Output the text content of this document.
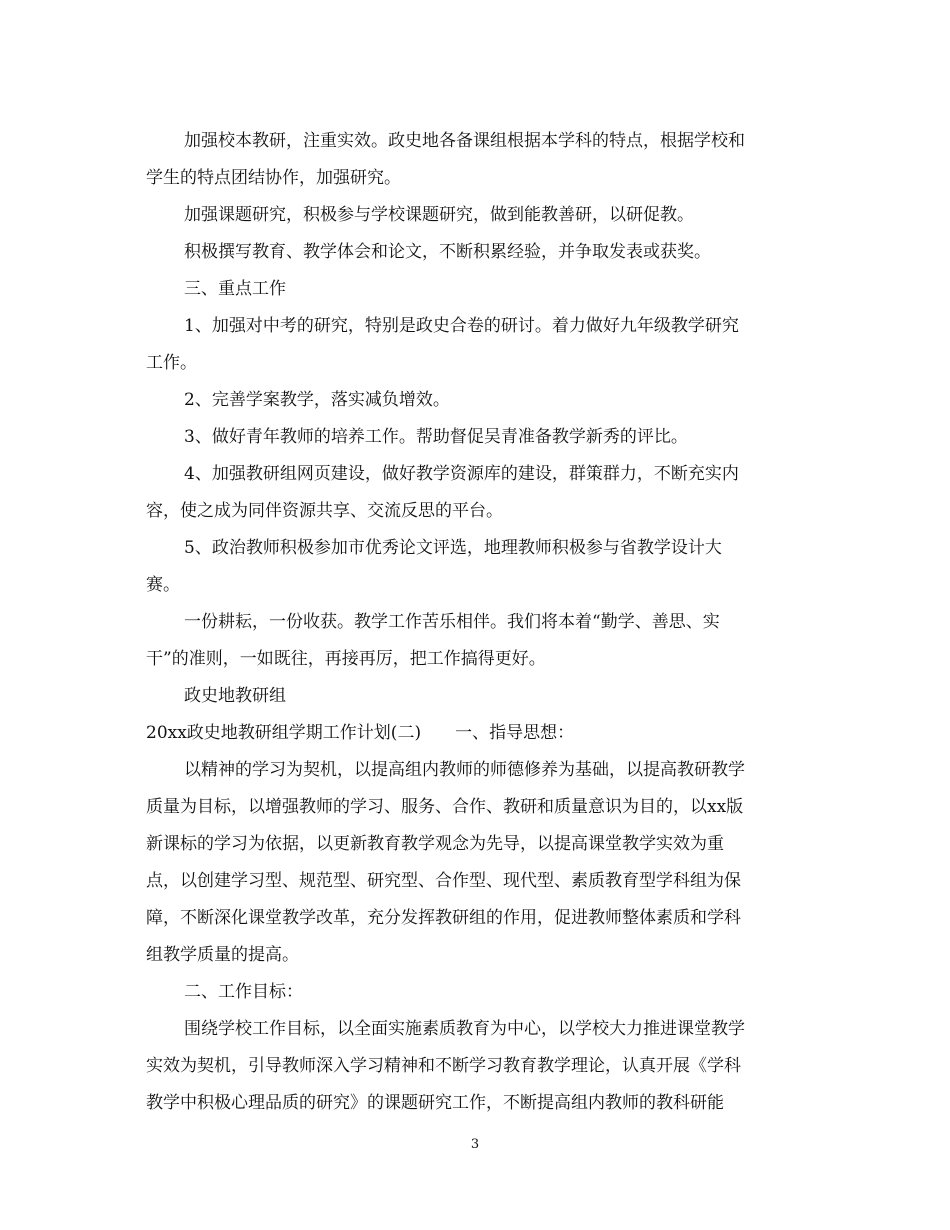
加强校本教研，注重实效。政史地各备课组根据本学科的特点，根据学校和
学生的特点团结协作，加强研究。
加强课题研究，积极参与学校课题研究，做到能教善研，以研促教。
积极撰写教育、教学体会和论文，不断积累经验，并争取发表或获奖。
三、重点工作
1、加强对中考的研究，特别是政史合卷的研讨。着力做好九年级教学研究
工作。
2、完善学案教学，落实减负增效。
3、做好青年教师的培养工作。帮助督促吴青准备教学新秀的评比。
4、加强教研组网页建设，做好教学资源库的建设，群策群力，不断充实内
容，使之成为同伴资源共享、交流反思的平台。
5、政治教师积极参加市优秀论文评选，地理教师积极参与省教学设计大
赛。
一份耕耘，一份收获。教学工作苦乐相伴。我们将本着“勤学、善思、实
干”的准则，一如既往，再接再厉，把工作搞得更好。
政史地教研组
20xx政史地教研组学期工作计划(二)　　一、指导思想：
以精神的学习为契机，以提高组内教师的师德修养为基础，以提高教研教学
质量为目标，以增强教师的学习、服务、合作、教研和质量意识为目的，以xx版
新课标的学习为依据，以更新教育教学观念为先导，以提高课堂教学实效为重
点，以创建学习型、规范型、研究型、合作型、现代型、素质教育型学科组为保
障，不断深化课堂教学改革，充分发挥教研组的作用，促进教师整体素质和学科
组教学质量的提高。
二、工作目标：
围绕学校工作目标，以全面实施素质教育为中心，以学校大力推进课堂教学
实效为契机，引导教师深入学习精神和不断学习教育教学理论，认真开展《学科
教学中积极心理品质的研究》的课题研究工作，不断提高组内教师的教科研能
3
